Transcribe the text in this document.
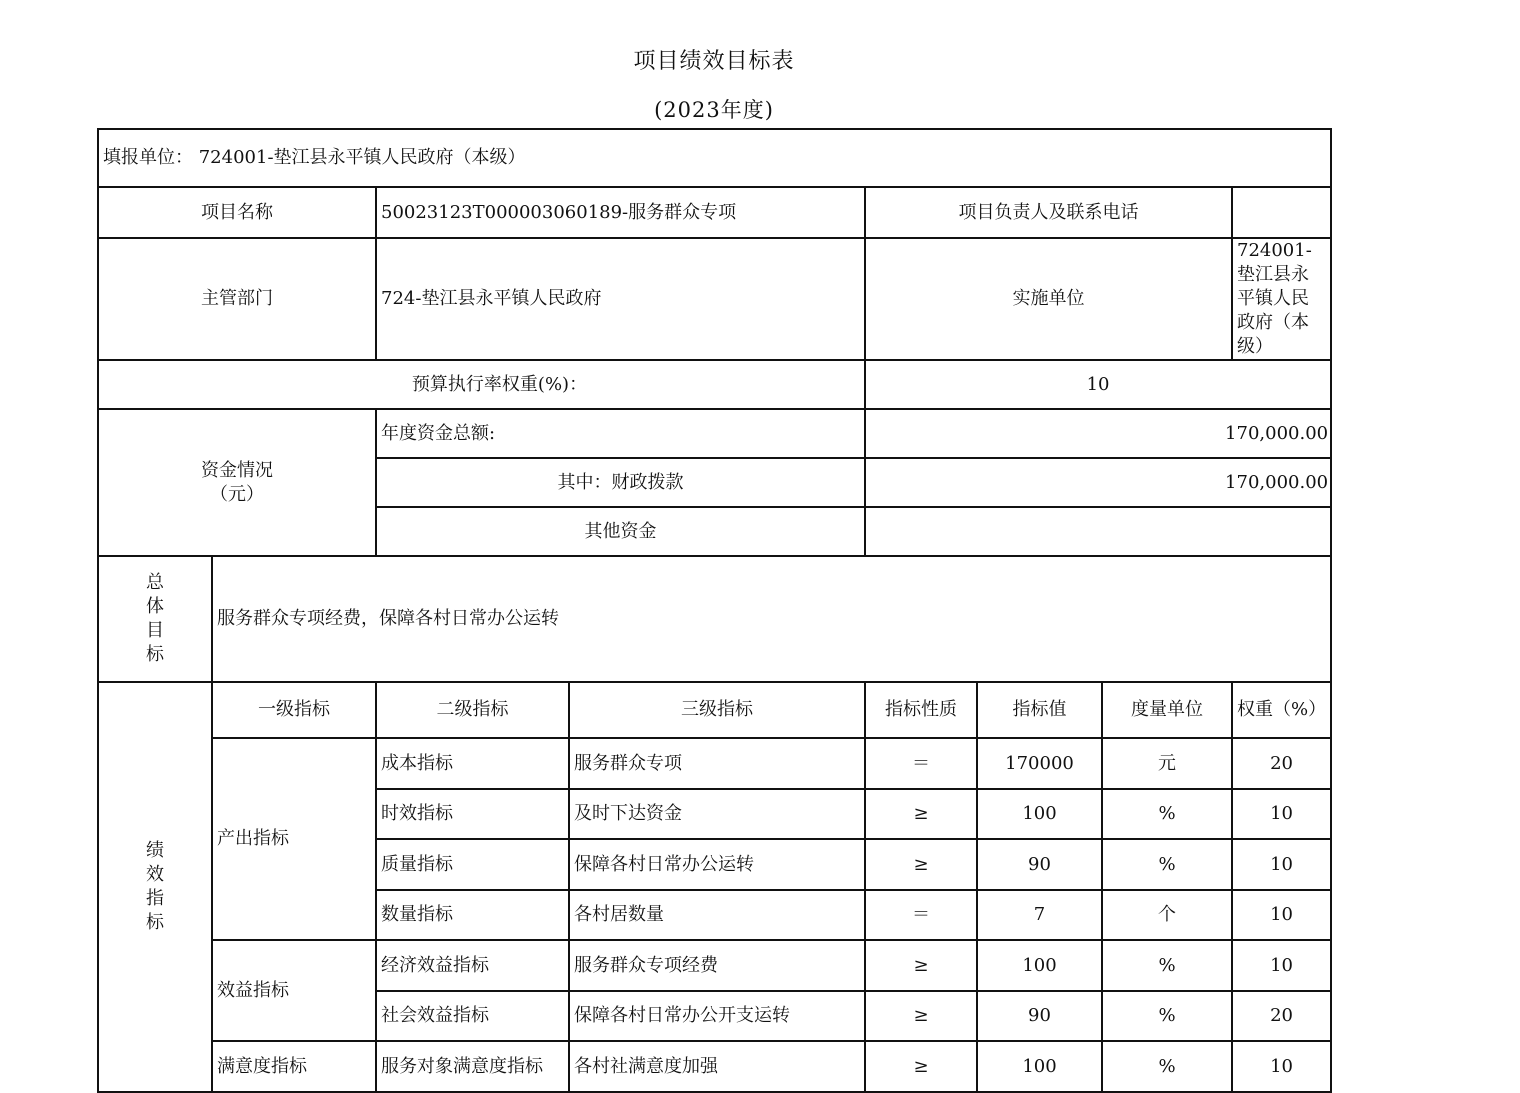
项目绩效目标表
(2023年度)
填报单位： 724001-垫江县永平镇人民政府（本级）							
项目名称		50023123T000003060189-服务群众专项		项目负责人及联系电话			
主管部门		724-垫江县永平镇人民政府		实施单位			724001-垫江县永平镇人民政府（本级）
预算执行率权重(%)：				10			

资金情况
（元）		年度资金总额:		170,000.00			
		其中：财政拨款		170,000.00			
		其他资金					

总
体
目
标	服务群众专项经费，保障各村日常办公运转						

绩
效
指
标	一级指标	二级指标	三级指标	指标性质	指标值	度量单位	权重（%）
	产出指标	成本指标	服务群众专项	＝	170000	元	20
		时效指标	及时下达资金	≥	100	%	10
		质量指标	保障各村日常办公运转	≥	90	%	10
		数量指标	各村居数量	＝	7	个	10
	效益指标	经济效益指标	服务群众专项经费	≥	100	%	10
		社会效益指标	保障各村日常办公开支运转	≥	90	%	20
	满意度指标	服务对象满意度指标	各村社满意度加强	≥	100	%	10
